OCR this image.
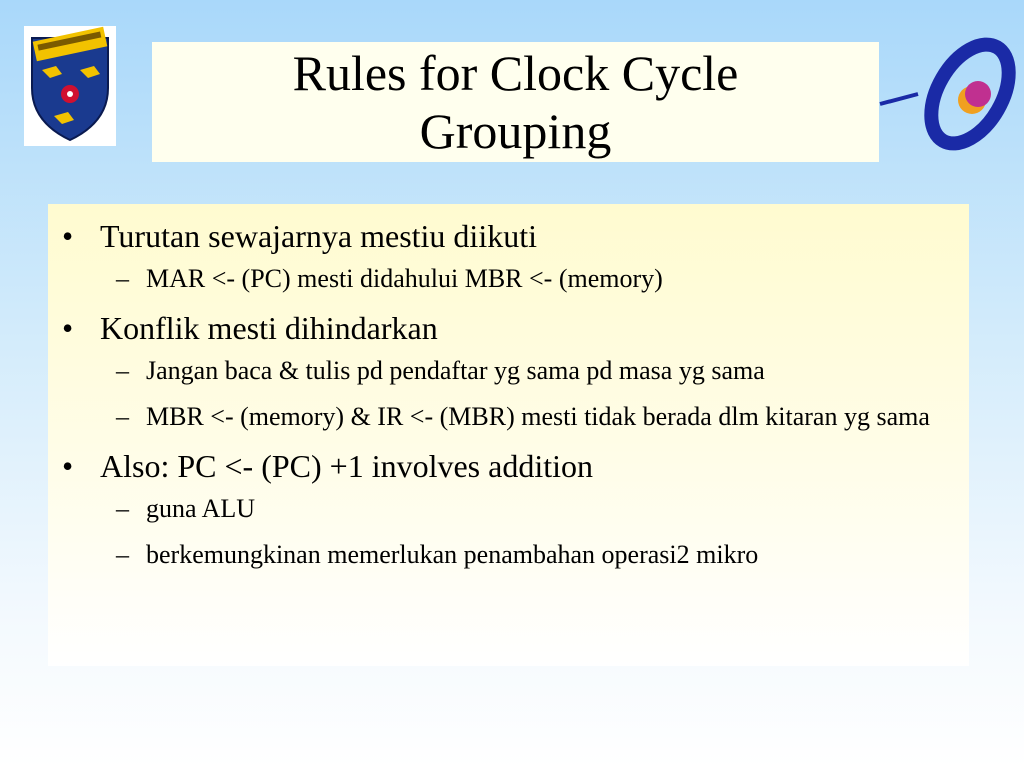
Rules for Clock Cycle
Grouping
• Turutan sewajarnya mestiu diikuti
– MAR <- (PC) mesti didahului MBR <- (memory)
• Konflik mesti dihindarkan
– Jangan baca & tulis pd pendaftar yg sama pd masa yg sama
– MBR <- (memory) & IR <- (MBR) mesti tidak berada dlm kitaran yg sama
• Also: PC <- (PC) +1 involves addition
– guna ALU
– berkemungkinan memerlukan penambahan operasi2 mikro
